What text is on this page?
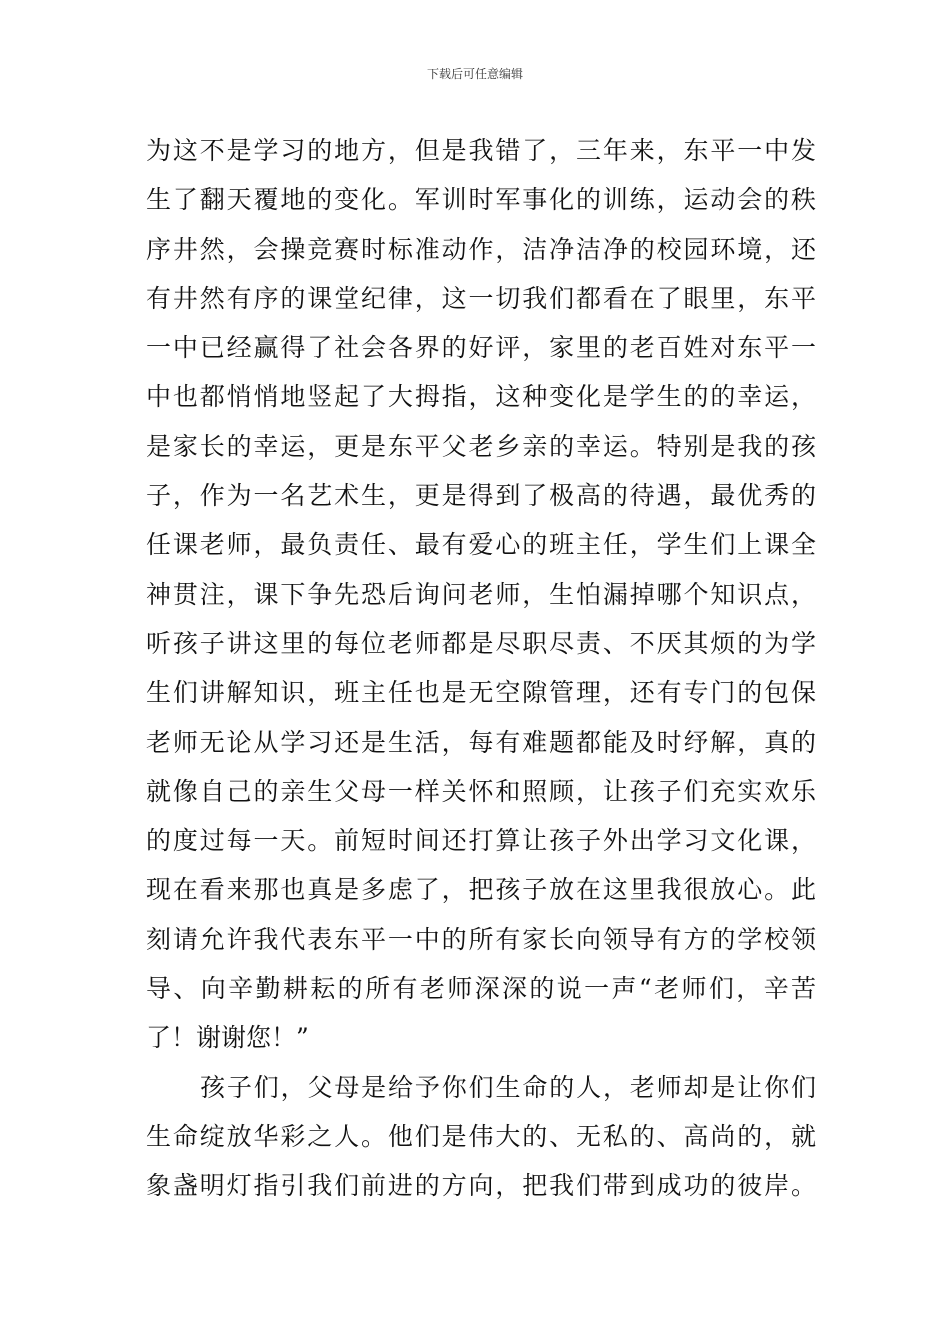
下载后可任意编辑
为这不是学习的地方，但是我错了，三年来，东平一中发
生了翻天覆地的变化。军训时军事化的训练，运动会的秩
序井然，会操竞赛时标准动作，洁净洁净的校园环境，还
有井然有序的课堂纪律，这一切我们都看在了眼里，东平
一中已经赢得了社会各界的好评，家里的老百姓对东平一
中也都悄悄地竖起了大拇指，这种变化是学生的的幸运，
是家长的幸运，更是东平父老乡亲的幸运。特别是我的孩
子，作为一名艺术生，更是得到了极高的待遇，最优秀的
任课老师，最负责任、最有爱心的班主任，学生们上课全
神贯注，课下争先恐后询问老师，生怕漏掉哪个知识点，
听孩子讲这里的每位老师都是尽职尽责、不厌其烦的为学
生们讲解知识，班主任也是无空隙管理，还有专门的包保
老师无论从学习还是生活，每有难题都能及时纾解，真的
就像自己的亲生父母一样关怀和照顾，让孩子们充实欢乐
的度过每一天。前短时间还打算让孩子外出学习文化课，
现在看来那也真是多虑了，把孩子放在这里我很放心。此
刻请允许我代表东平一中的所有家长向领导有方的学校领
导、向辛勤耕耘的所有老师深深的说一声“老师们，辛苦
了！谢谢您！”
孩子们，父母是给予你们生命的人，老师却是让你们
生命绽放华彩之人。他们是伟大的、无私的、高尚的，就
象盏明灯指引我们前进的方向，把我们带到成功的彼岸。
